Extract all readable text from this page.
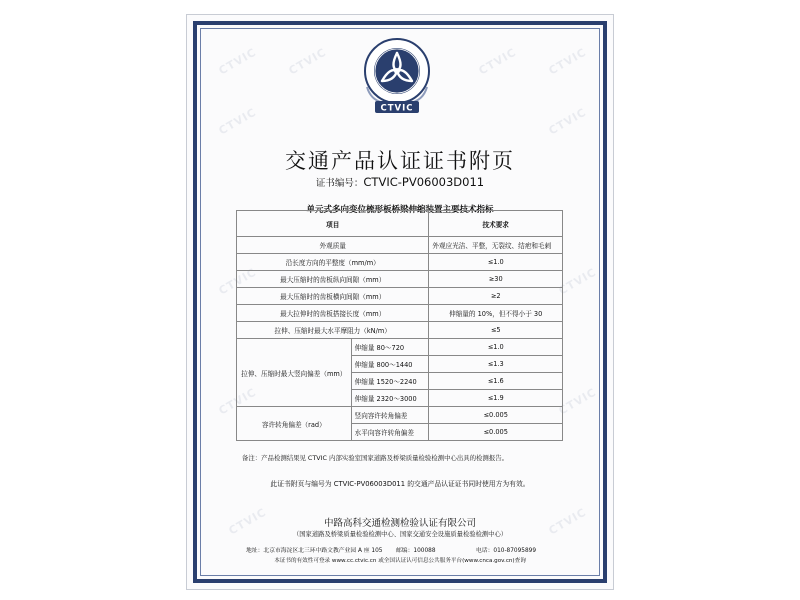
CTVIC	CTVIC	CTVIC	CTVIC
CTVIC	CTVIC
CTVIC	CTVIC
CTVIC	CTVIC
CTVIC	CTVIC
CTVIC
交通产品认证证书附页
证书编号：CTVIC-PV06003D011
单元式多向变位梳形板桥梁伸缩装置主要技术指标
项目		技术要求
外观质量		外观应光洁、平整，无裂纹、结疤和毛刺
沿长度方向的平整度（mm/m）		≤1.0
最大压缩时的齿板纵向间隙（mm）		≥30
最大压缩时的齿板横向间隙（mm）		≥2
最大拉伸时的齿板搭接长度（mm）		伸缩量的 10%，但不得小于 30
拉伸、压缩时最大水平摩阻力（kN/m）		≤5
拉伸、压缩时最大竖向偏差（mm）	伸缩量 80～720	≤1.0
	伸缩量 800～1440	≤1.3
	伸缩量 1520～2240	≤1.6
	伸缩量 2320～3000	≤1.9
容许转角偏差（rad）	竖向容许转角偏差	≤0.005
	水平向容许转角偏差	≤0.005
备注：产品检测结果见 CTVIC 内部实验室国家道路及桥梁质量检验检测中心出具的检测报告。
此证书附页与编号为 CTVIC-PV06003D011 的交通产品认证证书同时使用方为有效。
中路高科交通检测检验认证有限公司
（国家道路及桥梁质量检验检测中心、国家交通安全设施质量检验检测中心）
地址：北京市海淀区北三环中路文教产业园 A 座 105 邮编：100088	电话：010-87095899
本证书的有效性可登录 www.cc.ctvic.cn 或全国认证认可信息公共服务平台(www.cnca.gov.cn)查询
